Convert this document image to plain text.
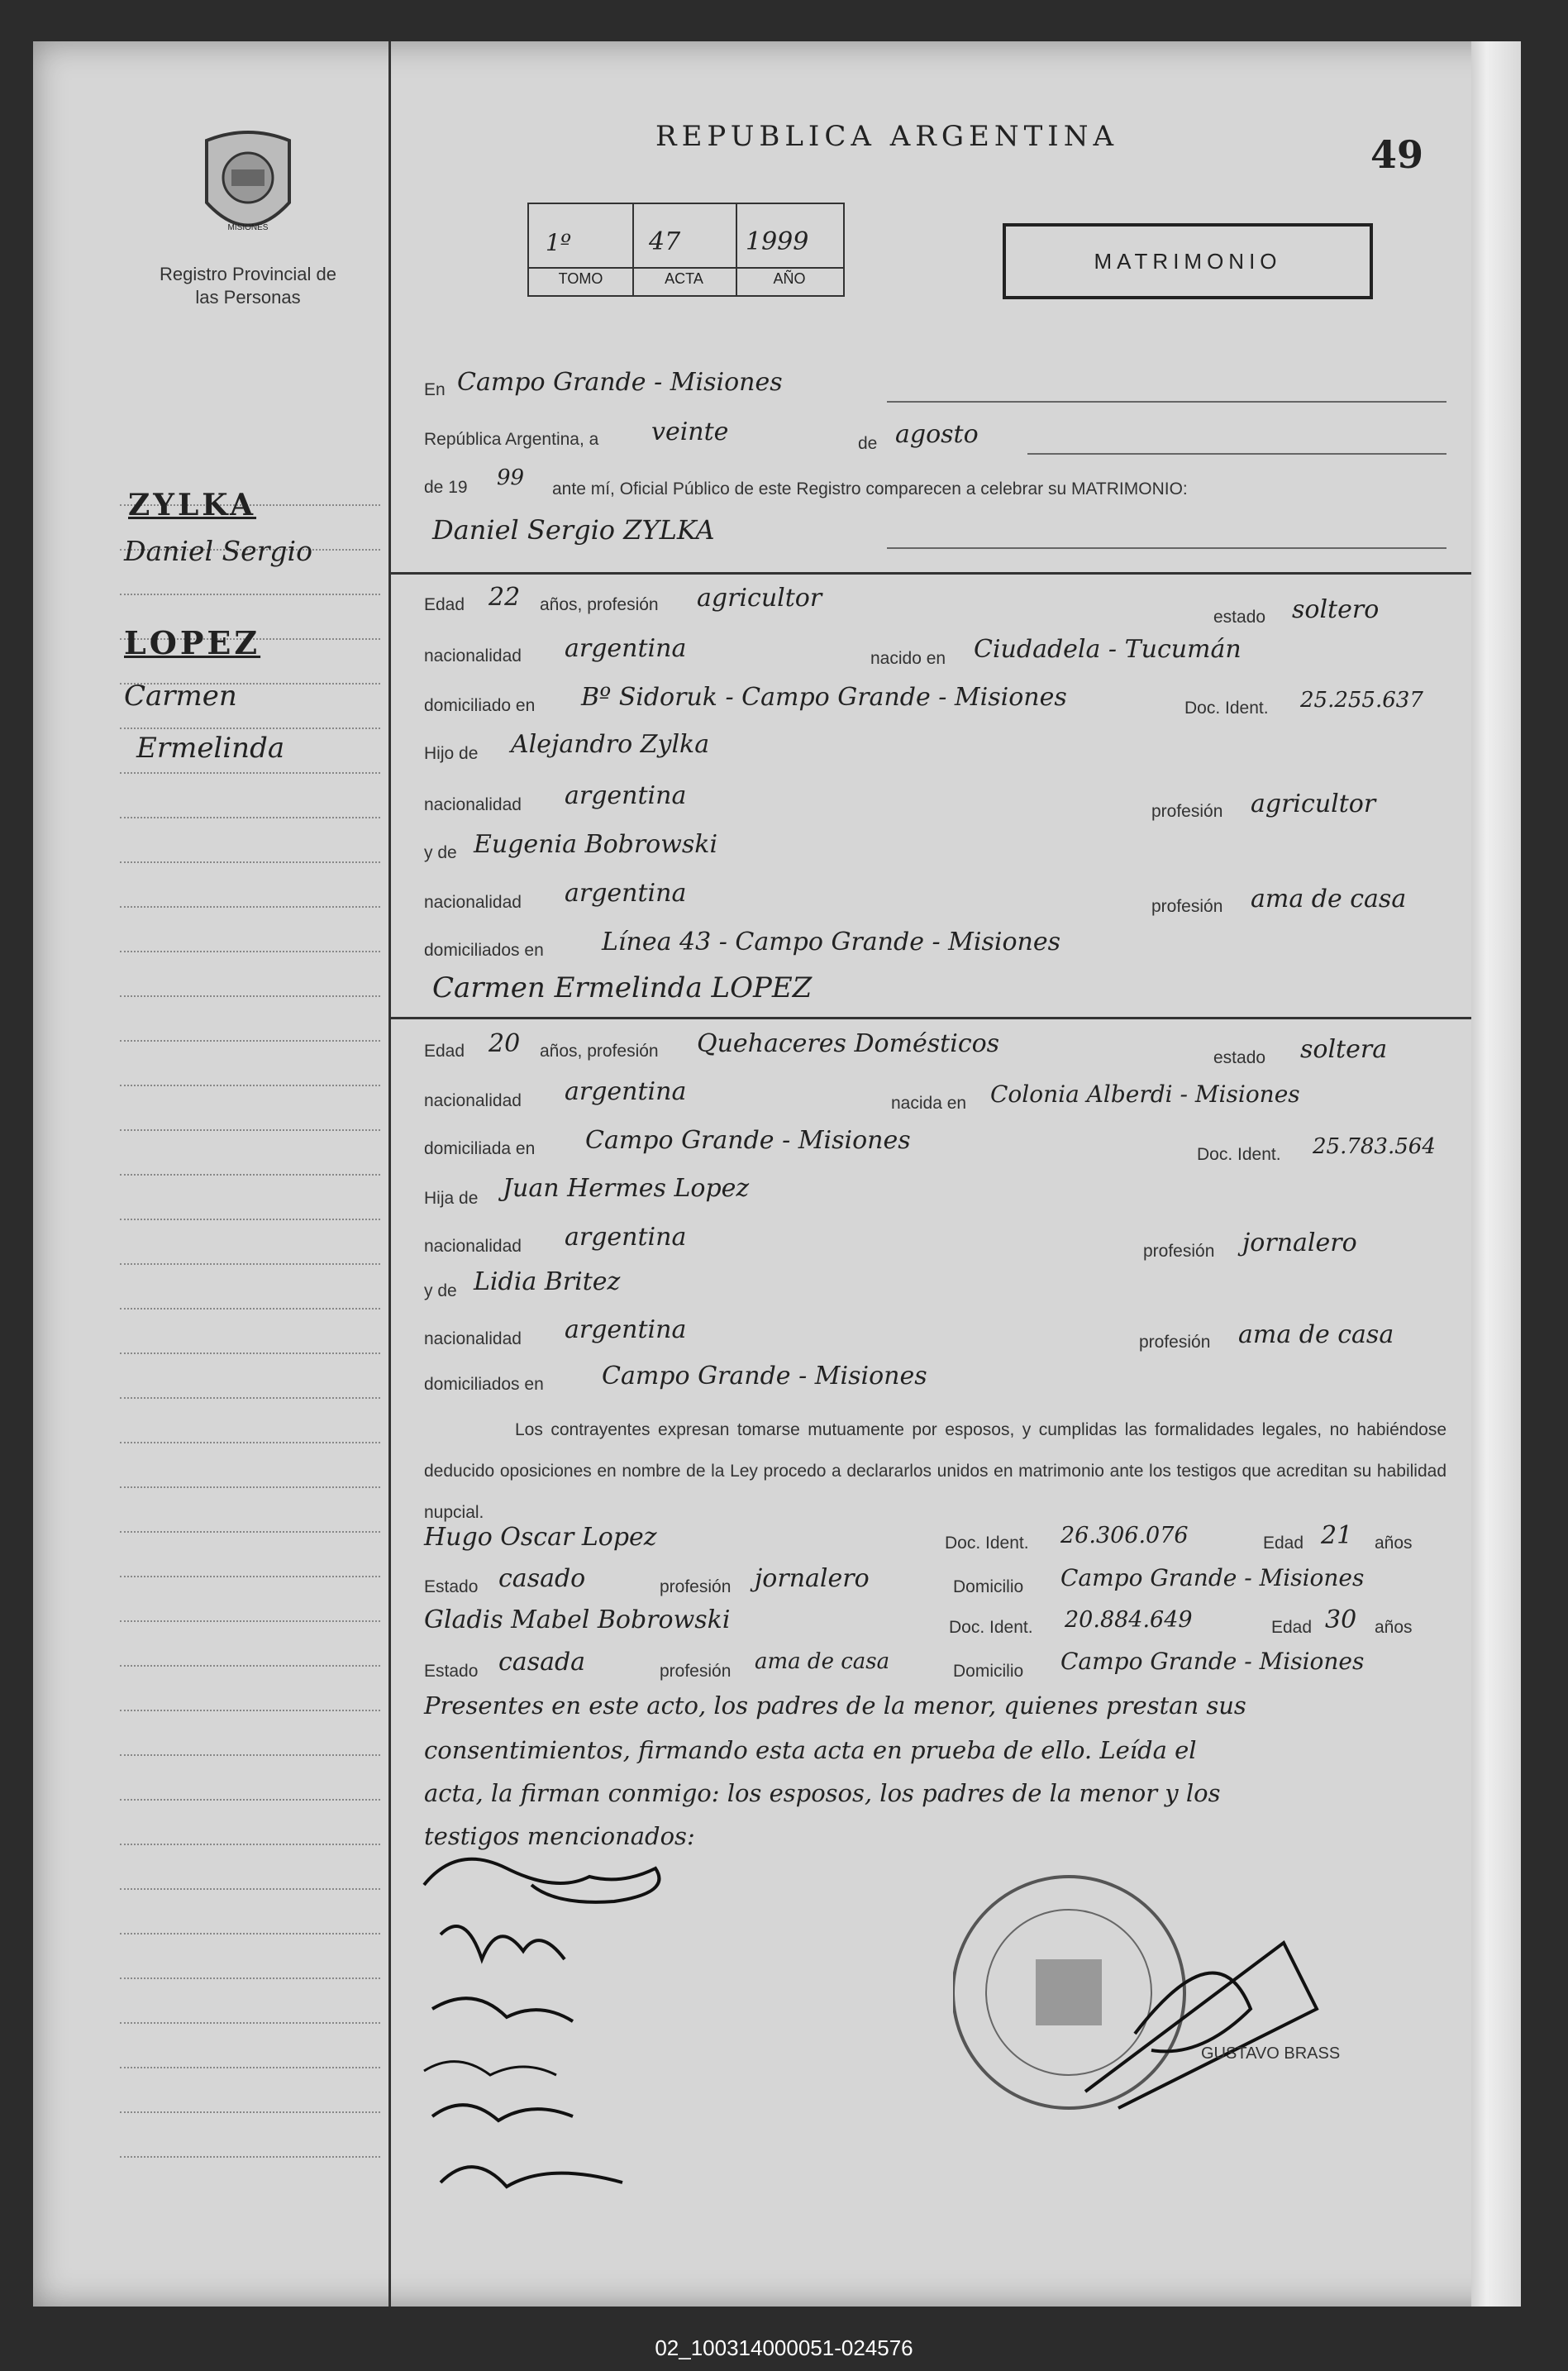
MISIONES
Registro Provincial de las Personas
ZYLKA
Daniel Sergio
LOPEZ
Carmen
Ermelinda
REPUBLICA ARGENTINA	49
1º	47	1999
TOMO	ACTA	AÑO
MATRIMONIO
En Campo Grande - Misiones
República Argentina, a veinte	de agosto
de 19 99 ante mí, Oficial Público de este Registro comparecen a celebrar su MATRIMONIO:
Daniel Sergio ZYLKA
Edad 22 años, profesión agricultor
estado soltero
nacionalidad argentina	nacido en Ciudadela - Tucumán
domiciliado en Bº Sidoruk - Campo Grande - Misiones	Doc. Ident. 25.255.637
Hijo de Alejandro Zylka
nacionalidad argentina
profesión agricultor
y de Eugenia Bobrowski
nacionalidad argentina	profesión ama de casa
domiciliados en Línea 43 - Campo Grande - Misiones
Carmen Ermelinda LOPEZ
Edad 20 años, profesión Quehaceres Domésticos	estado soltera
nacionalidad argentina	nacida en Colonia Alberdi - Misiones
domiciliada en Campo Grande - Misiones	Doc. Ident. 25.783.564
Hija de Juan Hermes Lopez
nacionalidad argentina	profesión jornalero
y de Lidia Britez
nacionalidad argentina	profesión ama de casa
domiciliados en Campo Grande - Misiones
Los contrayentes expresan tomarse mutuamente por esposos, y cumplidas las formalidades legales, no habiéndose deducido oposiciones en nombre de la Ley procedo a declararlos unidos en matrimonio ante los testigos que acreditan su habilidad nupcial.
Hugo Oscar Lopez	Doc. Ident. 26.306.076	Edad 21 años
Estado casado	profesión jornalero	Domicilio Campo Grande - Misiones
Gladis Mabel Bobrowski	Doc. Ident. 20.884.649	Edad 30 años
Estado casada	profesión ama de casa	Domicilio Campo Grande - Misiones
Presentes en este acto, los padres de la menor, quienes prestan sus
consentimientos, firmando esta acta en prueba de ello. Leída el
acta, la firman conmigo: los esposos, los padres de la menor y los
testigos mencionados:
GUSTAVO BRASS
02_100314000051-024576
